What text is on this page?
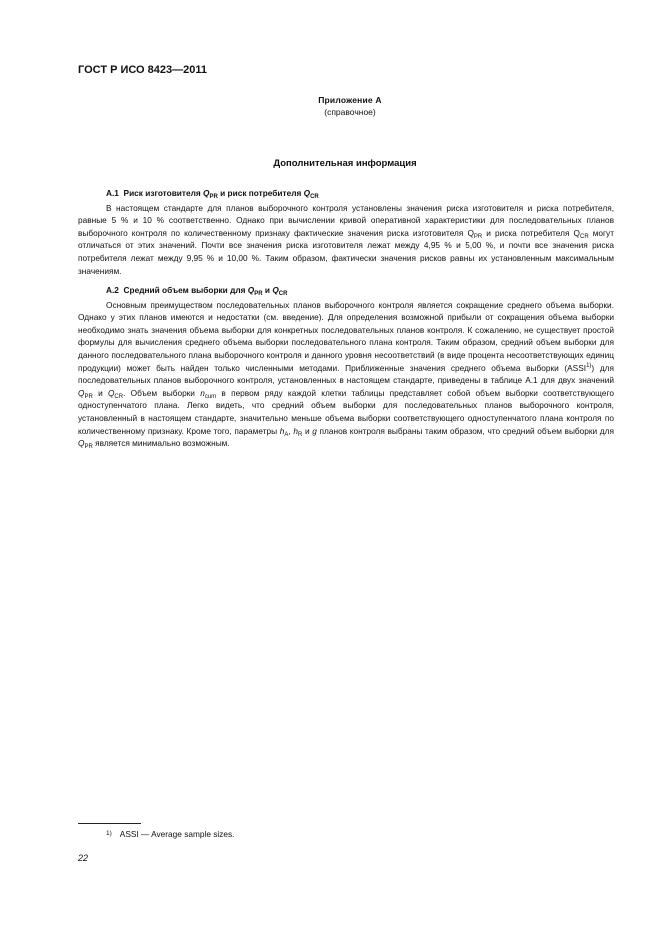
ГОСТ Р ИСО 8423—2011
Приложение А
(справочное)
Дополнительная информация
А.1 Риск изготовителя $Q_{PR}$ и риск потребителя $Q_{CR}$

В настоящем стандарте для планов выборочного контроля установлены значения риска изготовителя и риска потребителя, равные 5 % и 10 % соответственно. Однако при вычислении кривой оперативной характеристики для последовательных планов выборочного контроля по количественному признаку фактические значения риска изготовителя $Q_{PR}$ и риска потребителя $Q_{CR}$ могут отличаться от этих значений. Почти все значения риска изготовителя лежат между 4,95 % и 5,00 %, и почти все значения риска потребителя лежат между 9,95 % и 10,00 %. Таким образом, фактически значения рисков равны их установленным максимальным значениям.

А.2 Средний объем выборки для $Q_{PR}$ и $Q_{CR}$

Основным преимуществом последовательных планов выборочного контроля является сокращение среднего объема выборки. Однако у этих планов имеются и недостатки (см. введение). Для определения возможной прибыли от сокращения объема выборки необходимо знать значения объема выборки для конкретных последовательных планов контроля. К сожалению, не существует простой формулы для вычисления среднего объема выборки последовательного плана контроля. Таким образом, средний объем выборки для данного последовательного плана выборочного контроля и данного уровня несоответствий (в виде процента несоответствующих единиц продукции) может быть найден только численными методами. Приближенные значения среднего объема выборки (ASSI$^{1)}$) для последовательных планов выборочного контроля, установленных в настоящем стандарте, приведены в таблице А.1 для двух значений $Q_{PR}$ и $Q_{CR}$. Объем выборки $n_{cum}$ в первом ряду каждой клетки таблицы представляет собой объем выборки соответствующего одноступенчатого плана. Легко видеть, что средний объем выборки для последовательных планов выборочного контроля, установленный в настоящем стандарте, значительно меньше объема выборки соответствующего одноступенчатого плана контроля по количественному признаку. Кроме того, параметры $h_A$, $h_R$ и g планов контроля выбраны таким образом, что средний объем выборки для $Q_{PR}$ является минимально возможным.

$^{1)}$ ASSI — Average sample sizes.
22
